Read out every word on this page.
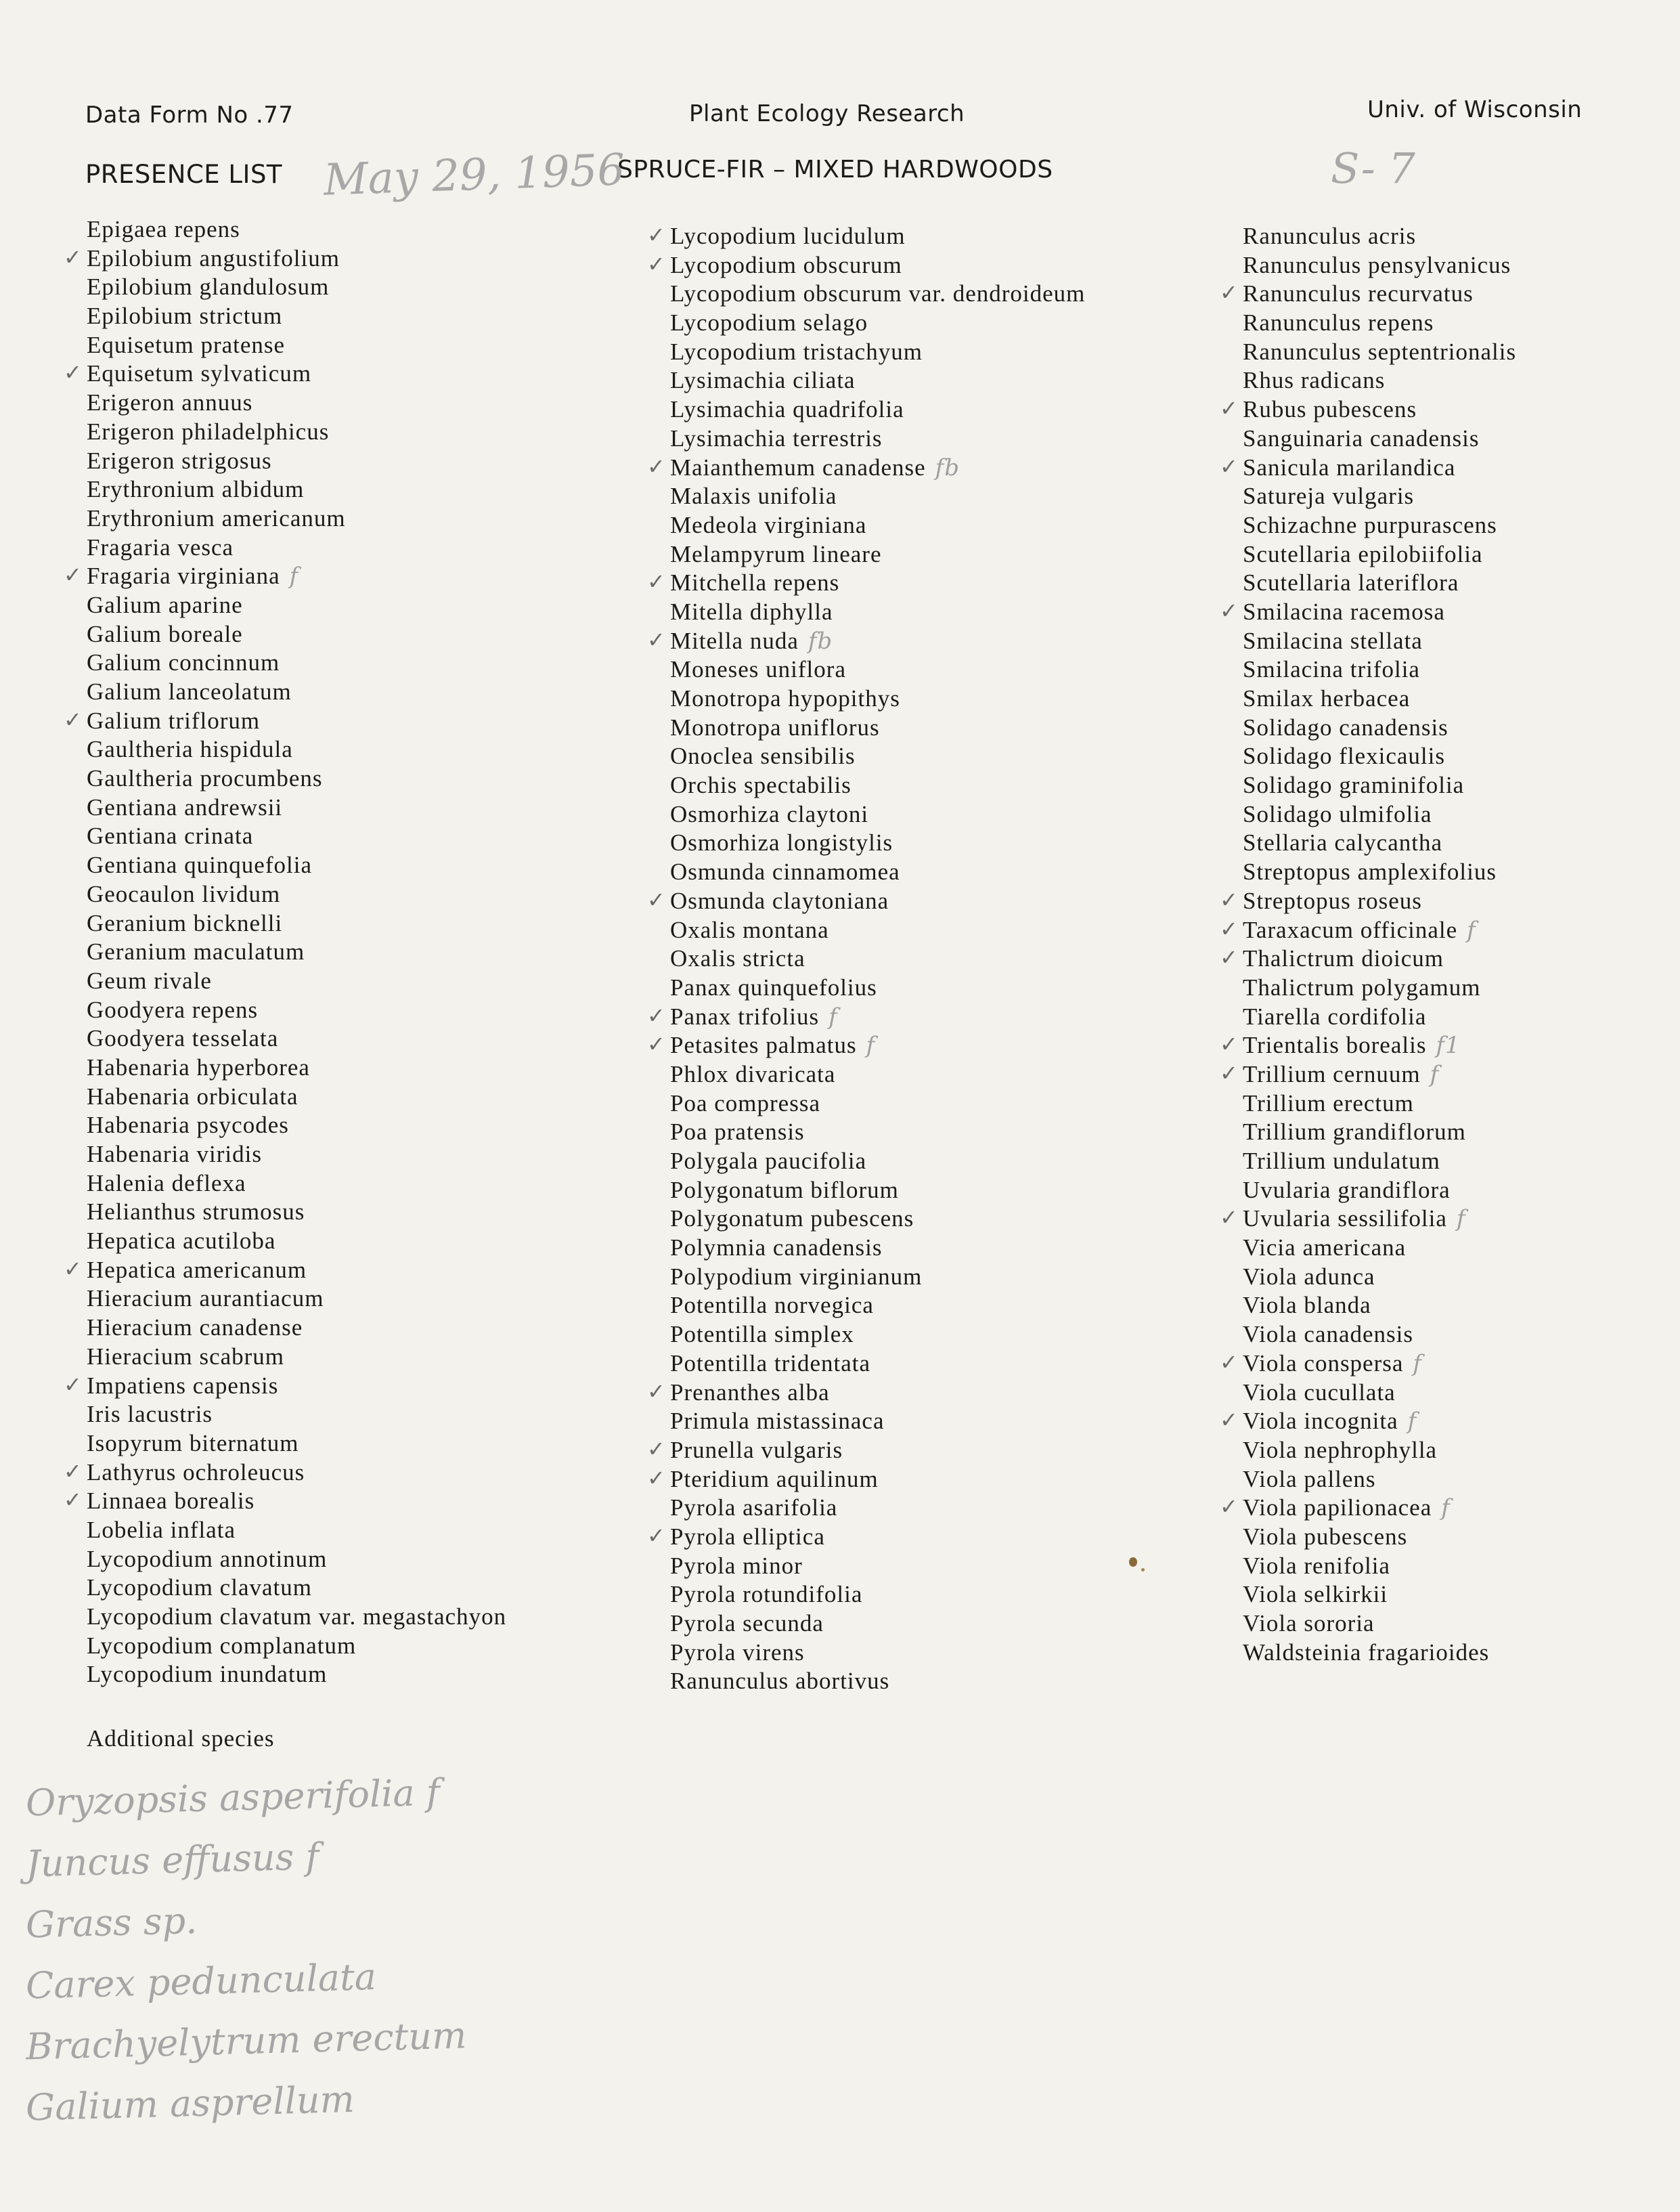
Data Form No .77	Plant Ecology Research	Univ. of Wisconsin
PRESENCE LIST	SPRUCE-FIR – MIXED HARDWOODS
May 29, 1956	S- 7
Epigaea repens
✓ Epilobium angustifolium
Epilobium glandulosum
Epilobium strictum
Equisetum pratense
✓ Equisetum sylvaticum
Erigeron annuus
Erigeron philadelphicus
Erigeron strigosus
Erythronium albidum
Erythronium americanum
Fragaria vesca
✓ Fragaria virginiana f
Galium aparine
Galium boreale
Galium concinnum
Galium lanceolatum
✓ Galium triflorum
Gaultheria hispidula
Gaultheria procumbens
Gentiana andrewsii
Gentiana crinata
Gentiana quinquefolia
Geocaulon lividum
Geranium bicknelli
Geranium maculatum
Geum rivale
Goodyera repens
Goodyera tesselata
Habenaria hyperborea
Habenaria orbiculata
Habenaria psycodes
Habenaria viridis
Halenia deflexa
Helianthus strumosus
Hepatica acutiloba
✓ Hepatica americanum
Hieracium aurantiacum
Hieracium canadense
Hieracium scabrum
✓ Impatiens capensis
Iris lacustris
Isopyrum biternatum
✓ Lathyrus ochroleucus
✓ Linnaea borealis
Lobelia inflata
Lycopodium annotinum
Lycopodium clavatum
Lycopodium clavatum var. megastachyon
Lycopodium complanatum
Lycopodium inundatum
✓ Lycopodium lucidulum
✓ Lycopodium obscurum
Lycopodium obscurum var. dendroideum
Lycopodium selago
Lycopodium tristachyum
Lysimachia ciliata
Lysimachia quadrifolia
Lysimachia terrestris
✓ Maianthemum canadense fb
Malaxis unifolia
Medeola virginiana
Melampyrum lineare
✓ Mitchella repens
Mitella diphylla
✓ Mitella nuda fb
Moneses uniflora
Monotropa hypopithys
Monotropa uniflorus
Onoclea sensibilis
Orchis spectabilis
Osmorhiza claytoni
Osmorhiza longistylis
Osmunda cinnamomea
✓ Osmunda claytoniana
Oxalis montana
Oxalis stricta
Panax quinquefolius
✓ Panax trifolius f
✓ Petasites palmatus f
Phlox divaricata
Poa compressa
Poa pratensis
Polygala paucifolia
Polygonatum biflorum
Polygonatum pubescens
Polymnia canadensis
Polypodium virginianum
Potentilla norvegica
Potentilla simplex
Potentilla tridentata
✓ Prenanthes alba
Primula mistassinaca
✓ Prunella vulgaris
✓ Pteridium aquilinum
Pyrola asarifolia
✓ Pyrola elliptica
Pyrola minor
Pyrola rotundifolia
Pyrola secunda
Pyrola virens
Ranunculus abortivus
Ranunculus acris
Ranunculus pensylvanicus
✓ Ranunculus recurvatus
Ranunculus repens
Ranunculus septentrionalis
Rhus radicans
✓ Rubus pubescens
Sanguinaria canadensis
✓ Sanicula marilandica
Satureja vulgaris
Schizachne purpurascens
Scutellaria epilobiifolia
Scutellaria lateriflora
✓ Smilacina racemosa
Smilacina stellata
Smilacina trifolia
Smilax herbacea
Solidago canadensis
Solidago flexicaulis
Solidago graminifolia
Solidago ulmifolia
Stellaria calycantha
Streptopus amplexifolius
✓ Streptopus roseus
✓ Taraxacum officinale f
✓ Thalictrum dioicum
Thalictrum polygamum
Tiarella cordifolia
✓ Trientalis borealis f1
✓ Trillium cernuum f
Trillium erectum
Trillium grandiflorum
Trillium undulatum
Uvularia grandiflora
✓ Uvularia sessilifolia f
Vicia americana
Viola adunca
Viola blanda
Viola canadensis
✓ Viola conspersa f
Viola cucullata
✓ Viola incognita f
Viola nephrophylla
Viola pallens
✓ Viola papilionacea f
Viola pubescens
Viola renifolia
Viola selkirkii
Viola sororia
Waldsteinia fragarioides
Additional species
Oryzopsis asperifolia f
Juncus effusus f
Grass sp.
Carex pedunculata
Brachyelytrum erectum
Galium asprellum
